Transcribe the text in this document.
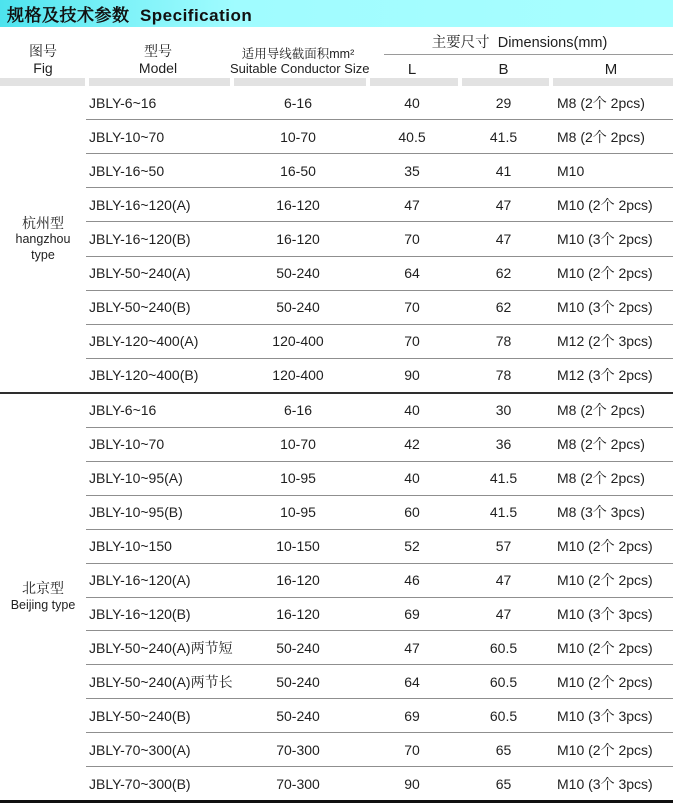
规格及技术参数  Specification
图号
Fig
型号
Model
适用导线截面积mm²
Suitable Conductor Size
主要尺寸  Dimensions(mm)
L	B	M
杭州型
hangzhou
type
JBLY-6~16	6-16	40	29	M8 (2个 2pcs)
JBLY-10~70	10-70	40.5	41.5	M8 (2个 2pcs)
JBLY-16~50	16-50	35	41	M10
JBLY-16~120(A)	16-120	47	47	M10 (2个 2pcs)
JBLY-16~120(B)	16-120	70	47	M10 (3个 2pcs)
JBLY-50~240(A)	50-240	64	62	M10 (2个 2pcs)
JBLY-50~240(B)	50-240	70	62	M10 (3个 2pcs)
JBLY-120~400(A)	120-400	70	78	M12 (2个 3pcs)
JBLY-120~400(B)	120-400	90	78	M12 (3个 2pcs)
北京型
Beijing type
JBLY-6~16	6-16	40	30	M8 (2个 2pcs)
JBLY-10~70	10-70	42	36	M8 (2个 2pcs)
JBLY-10~95(A)	10-95	40	41.5	M8 (2个 2pcs)
JBLY-10~95(B)	10-95	60	41.5	M8 (3个 3pcs)
JBLY-10~150	10-150	52	57	M10 (2个 2pcs)
JBLY-16~120(A)	16-120	46	47	M10 (2个 2pcs)
JBLY-16~120(B)	16-120	69	47	M10 (3个 3pcs)
JBLY-50~240(A)两节短	50-240	47	60.5	M10 (2个 2pcs)
JBLY-50~240(A)两节长	50-240	64	60.5	M10 (2个 2pcs)
JBLY-50~240(B)	50-240	69	60.5	M10 (3个 3pcs)
JBLY-70~300(A)	70-300	70	65	M10 (2个 2pcs)
JBLY-70~300(B)	70-300	90	65	M10 (3个 3pcs)
